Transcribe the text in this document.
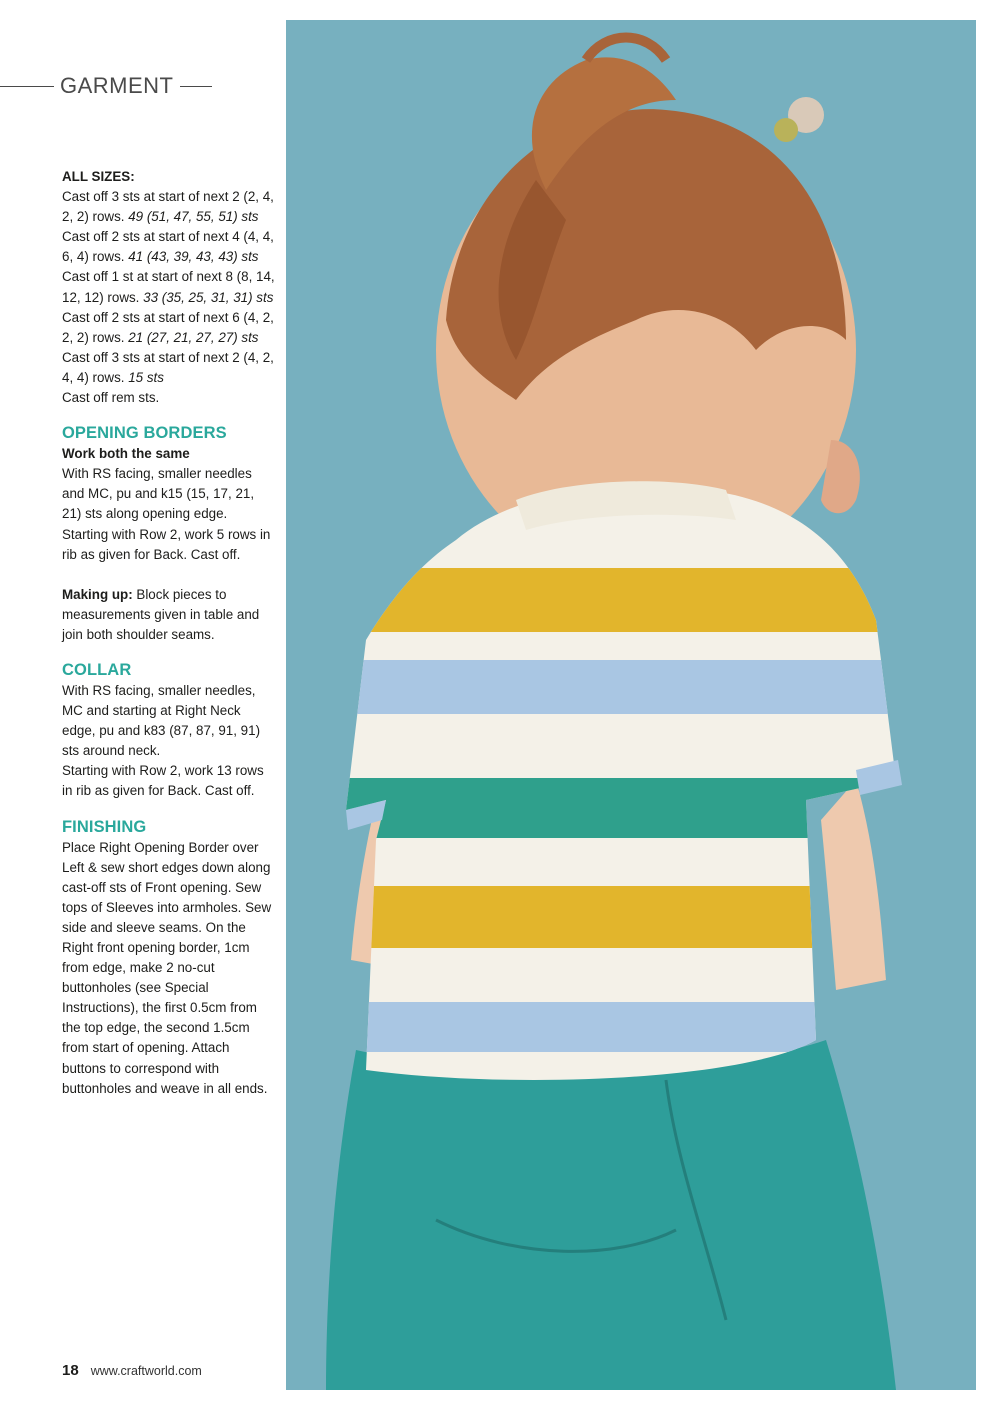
GARMENT

ALL SIZES:

Cast off 3 sts at start of next 2 (2, 4, 2, 2) rows. 49 (51, 47, 55, 51) sts

Cast off 2 sts at start of next 4 (4, 4, 6, 4) rows. 41 (43, 39, 43, 43) sts

Cast off 1 st at start of next 8 (8, 14, 12, 12) rows. 33 (35, 25, 31, 31) sts

Cast off 2 sts at start of next 6 (4, 2, 2, 2) rows. 21 (27, 21, 27, 27) sts

Cast off 3 sts at start of next 2 (4, 2, 4, 4) rows. 15 sts

Cast off rem sts.

OPENING BORDERS

Work both the same

With RS facing, smaller needles and MC, pu and k15 (15, 17, 21, 21) sts along opening edge. Starting with Row 2, work 5 rows in rib as given for Back. Cast off.

Making up: Block pieces to measurements given in table and join both shoulder seams.

COLLAR

With RS facing, smaller needles, MC and starting at Right Neck edge, pu and k83 (87, 87, 91, 91) sts around neck.

Starting with Row 2, work 13 rows in rib as given for Back. Cast off.

FINISHING

Place Right Opening Border over Left & sew short edges down along cast-off sts of Front opening. Sew tops of Sleeves into armholes. Sew side and sleeve seams. On the Right front opening border, 1cm from edge, make 2 no-cut buttonholes (see Special Instructions), the first 0.5cm from the top edge, the second 1.5cm from start of opening. Attach buttons to correspond with buttonholes and weave in all ends.

18 www.craftworld.com
